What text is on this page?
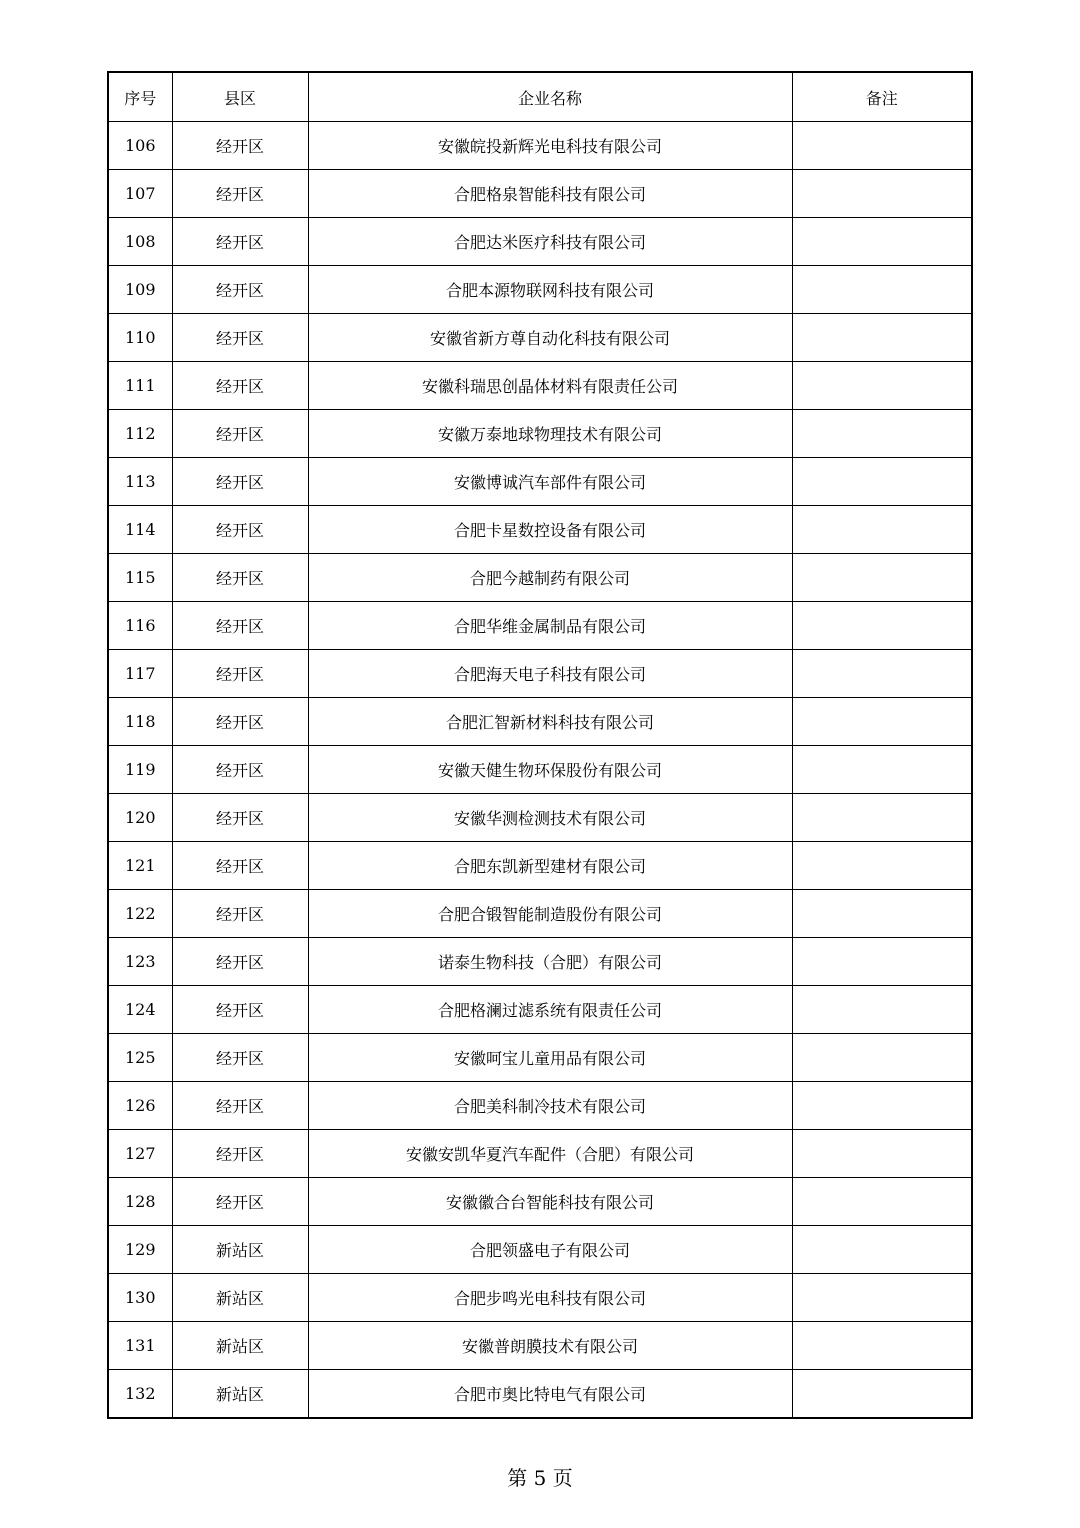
序号	县区	企业名称	备注
106	经开区	安徽皖投新辉光电科技有限公司	
107	经开区	合肥格泉智能科技有限公司	
108	经开区	合肥达米医疗科技有限公司	
109	经开区	合肥本源物联网科技有限公司	
110	经开区	安徽省新方尊自动化科技有限公司	
111	经开区	安徽科瑞思创晶体材料有限责任公司	
112	经开区	安徽万泰地球物理技术有限公司	
113	经开区	安徽博诚汽车部件有限公司	
114	经开区	合肥卡星数控设备有限公司	
115	经开区	合肥今越制药有限公司	
116	经开区	合肥华维金属制品有限公司	
117	经开区	合肥海天电子科技有限公司	
118	经开区	合肥汇智新材料科技有限公司	
119	经开区	安徽天健生物环保股份有限公司	
120	经开区	安徽华测检测技术有限公司	
121	经开区	合肥东凯新型建材有限公司	
122	经开区	合肥合锻智能制造股份有限公司	
123	经开区	诺泰生物科技（合肥）有限公司	
124	经开区	合肥格澜过滤系统有限责任公司	
125	经开区	安徽呵宝儿童用品有限公司	
126	经开区	合肥美科制冷技术有限公司	
127	经开区	安徽安凯华夏汽车配件（合肥）有限公司	
128	经开区	安徽徽合台智能科技有限公司	
129	新站区	合肥领盛电子有限公司	
130	新站区	合肥步鸣光电科技有限公司	
131	新站区	安徽普朗膜技术有限公司	
132	新站区	合肥市奥比特电气有限公司	
第 5 页
